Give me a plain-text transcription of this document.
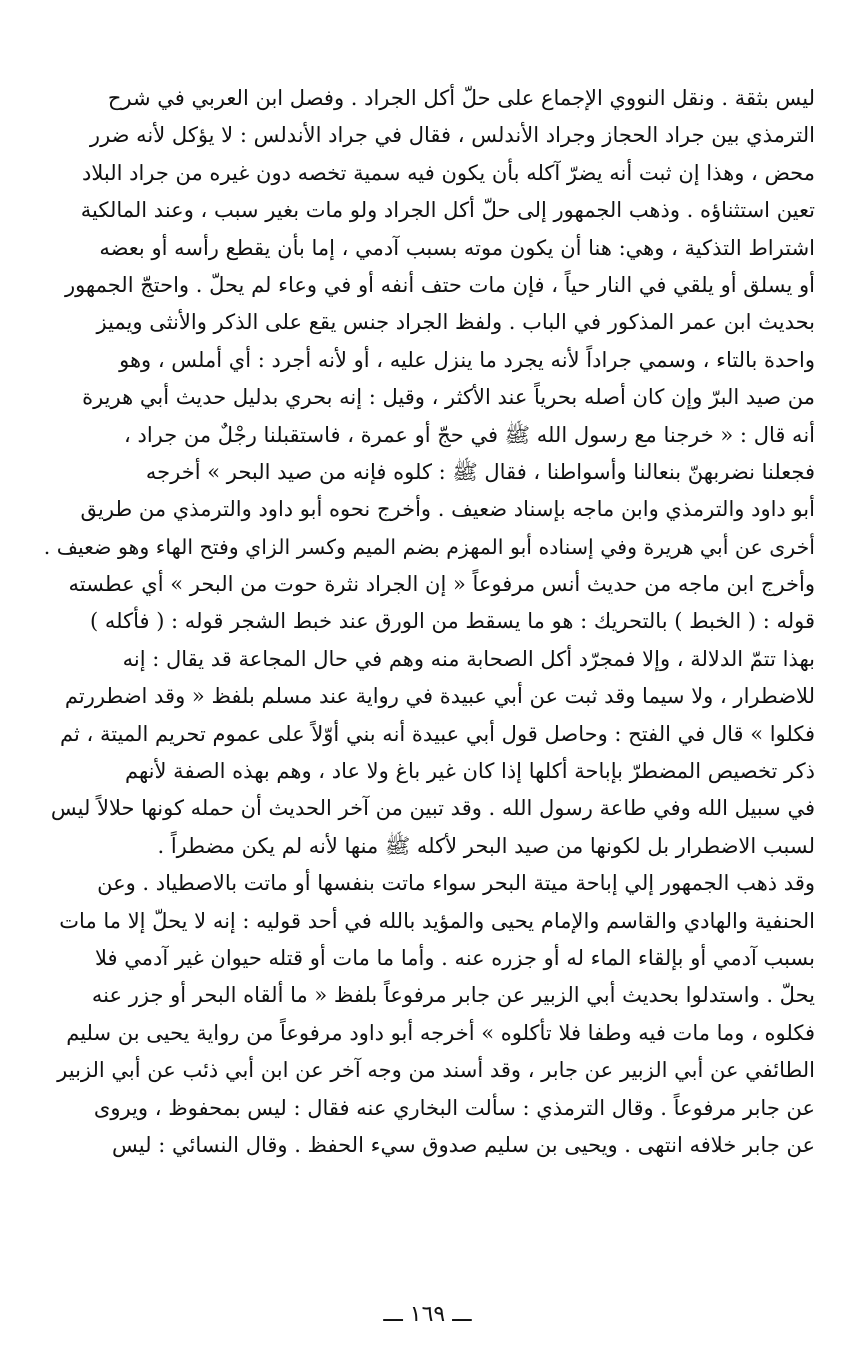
ليس بثقة . ونقل النووي الإجماع على حلّ أكل الجراد . وفصل ابن العربي في شرح
الترمذي بين جراد الحجاز وجراد الأندلس ، فقال في جراد الأندلس : لا يؤكل لأنه ضرر
محض ، وهذا إن ثبت أنه يضرّ آكله بأن يكون فيه سمية تخصه دون غيره من جراد البلاد
تعين استثناؤه . وذهب الجمهور إلى حلّ أكل الجراد ولو مات بغير سبب ، وعند المالكية
اشتراط التذكية ، وهي: هنا أن يكون موته بسبب آدمي ، إما بأن يقطع رأسه أو بعضه
أو يسلق أو يلقي في النار حياً ، فإن مات حتف أنفه أو في وعاء لم يحلّ . واحتجّ الجمهور
بحديث ابن عمر المذكور في الباب . ولفظ الجراد جنس يقع على الذكر والأنثى ويميز
واحدة بالتاء ، وسمي جراداً لأنه يجرد ما ينزل عليه ، أو لأنه أجرد : أي أملس ، وهو
من صيد البرّ وإن كان أصله بحرياً عند الأكثر ، وقيل : إنه بحري بدليل حديث أبي هريرة
أنه قال : « خرجنا مع رسول الله ﷺ في حجّ أو عمرة ، فاستقبلنا رجْلٌ من جراد ،
فجعلنا نضربهنّ بنعالنا وأسواطنا ، فقال ﷺ : كلوه فإنه من صيد البحر » أخرجه
أبو داود والترمذي وابن ماجه بإسناد ضعيف . وأخرج نحوه أبو داود والترمذي من طريق
أخرى عن أبي هريرة وفي إسناده أبو المهزم بضم الميم وكسر الزاي وفتح الهاء وهو ضعيف .
وأخرج ابن ماجه من حديث أنس مرفوعاً « إن الجراد نثرة حوت من البحر » أي عطسته
قوله : ( الخبط ) بالتحريك : هو ما يسقط من الورق عند خبط الشجر قوله : ( فأكله )
بهذا تتمّ الدلالة ، وإلا فمجرّد أكل الصحابة منه وهم في حال المجاعة قد يقال : إنه
للاضطرار ، ولا سيما وقد ثبت عن أبي عبيدة في رواية عند مسلم بلفظ « وقد اضطررتم
فكلوا » قال في الفتح : وحاصل قول أبي عبيدة أنه بني أوّلاً على عموم تحريم الميتة ، ثم
ذكر تخصيص المضطرّ بإباحة أكلها إذا كان غير باغ ولا عاد ، وهم بهذه الصفة لأنهم
في سبيل الله وفي طاعة رسول الله . وقد تبين من آخر الحديث أن حمله كونها حلالاً ليس
لسبب الاضطرار بل لكونها من صيد البحر لأكله ﷺ منها لأنه لم يكن مضطراً .
وقد ذهب الجمهور إلي إباحة ميتة البحر سواء ماتت بنفسها أو ماتت بالاصطياد . وعن
الحنفية والهادي والقاسم والإمام يحيى والمؤيد بالله في أحد قوليه : إنه لا يحلّ إلا ما مات
بسبب آدمي أو بإلقاء الماء له أو جزره عنه . وأما ما مات أو قتله حيوان غير آدمي فلا
يحلّ . واستدلوا بحديث أبي الزبير عن جابر مرفوعاً بلفظ « ما ألقاه البحر أو جزر عنه
فكلوه ، وما مات فيه وطفا فلا تأكلوه » أخرجه أبو داود مرفوعاً من رواية يحيى بن سليم
الطائفي عن أبي الزبير عن جابر ، وقد أسند من وجه آخر عن ابن أبي ذئب عن أبي الزبير
عن جابر مرفوعاً . وقال الترمذي : سألت البخاري عنه فقال : ليس بمحفوظ ، ويروى
عن جابر خلافه انتهى . ويحيى بن سليم صدوق سيء الحفظ . وقال النسائي : ليس
ـــ ١٦٩ ـــ
